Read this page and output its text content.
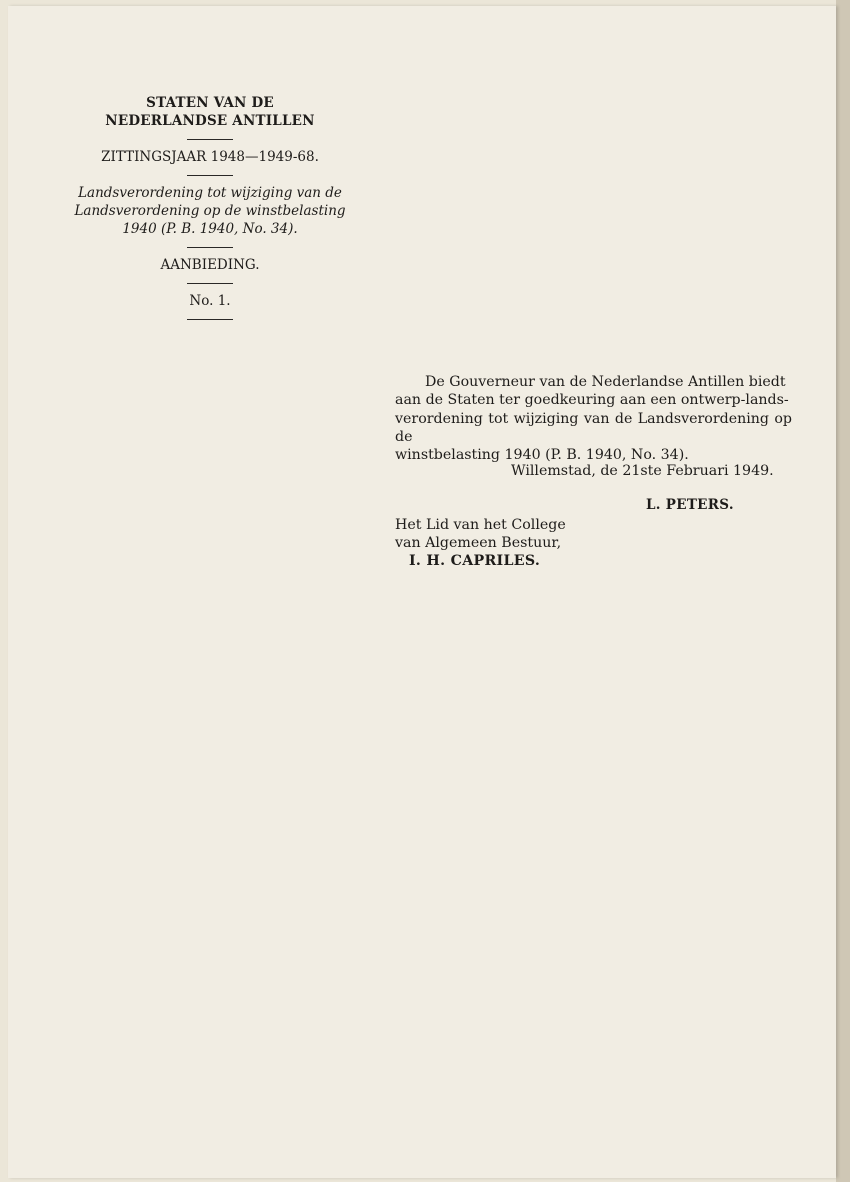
STATEN VAN DE
NEDERLANDSE ANTILLEN
ZITTINGSJAAR 1948—1949-68.
Landsverordening tot wijziging van de
Landsverordening op de winstbelasting
1940 (P. B. 1940, No. 34).
AANBIEDING.
No. 1.
De Gouverneur van de Nederlandse Antillen biedt
aan de Staten ter goedkeuring aan een ontwerp-lands-
verordening tot wijziging van de Landsverordening op de
winstbelasting 1940 (P. B. 1940, No. 34).
Willemstad, de 21ste Februari 1949.
L. PETERS.
Het Lid van het College
van Algemeen Bestuur,
I. H. CAPRILES.
